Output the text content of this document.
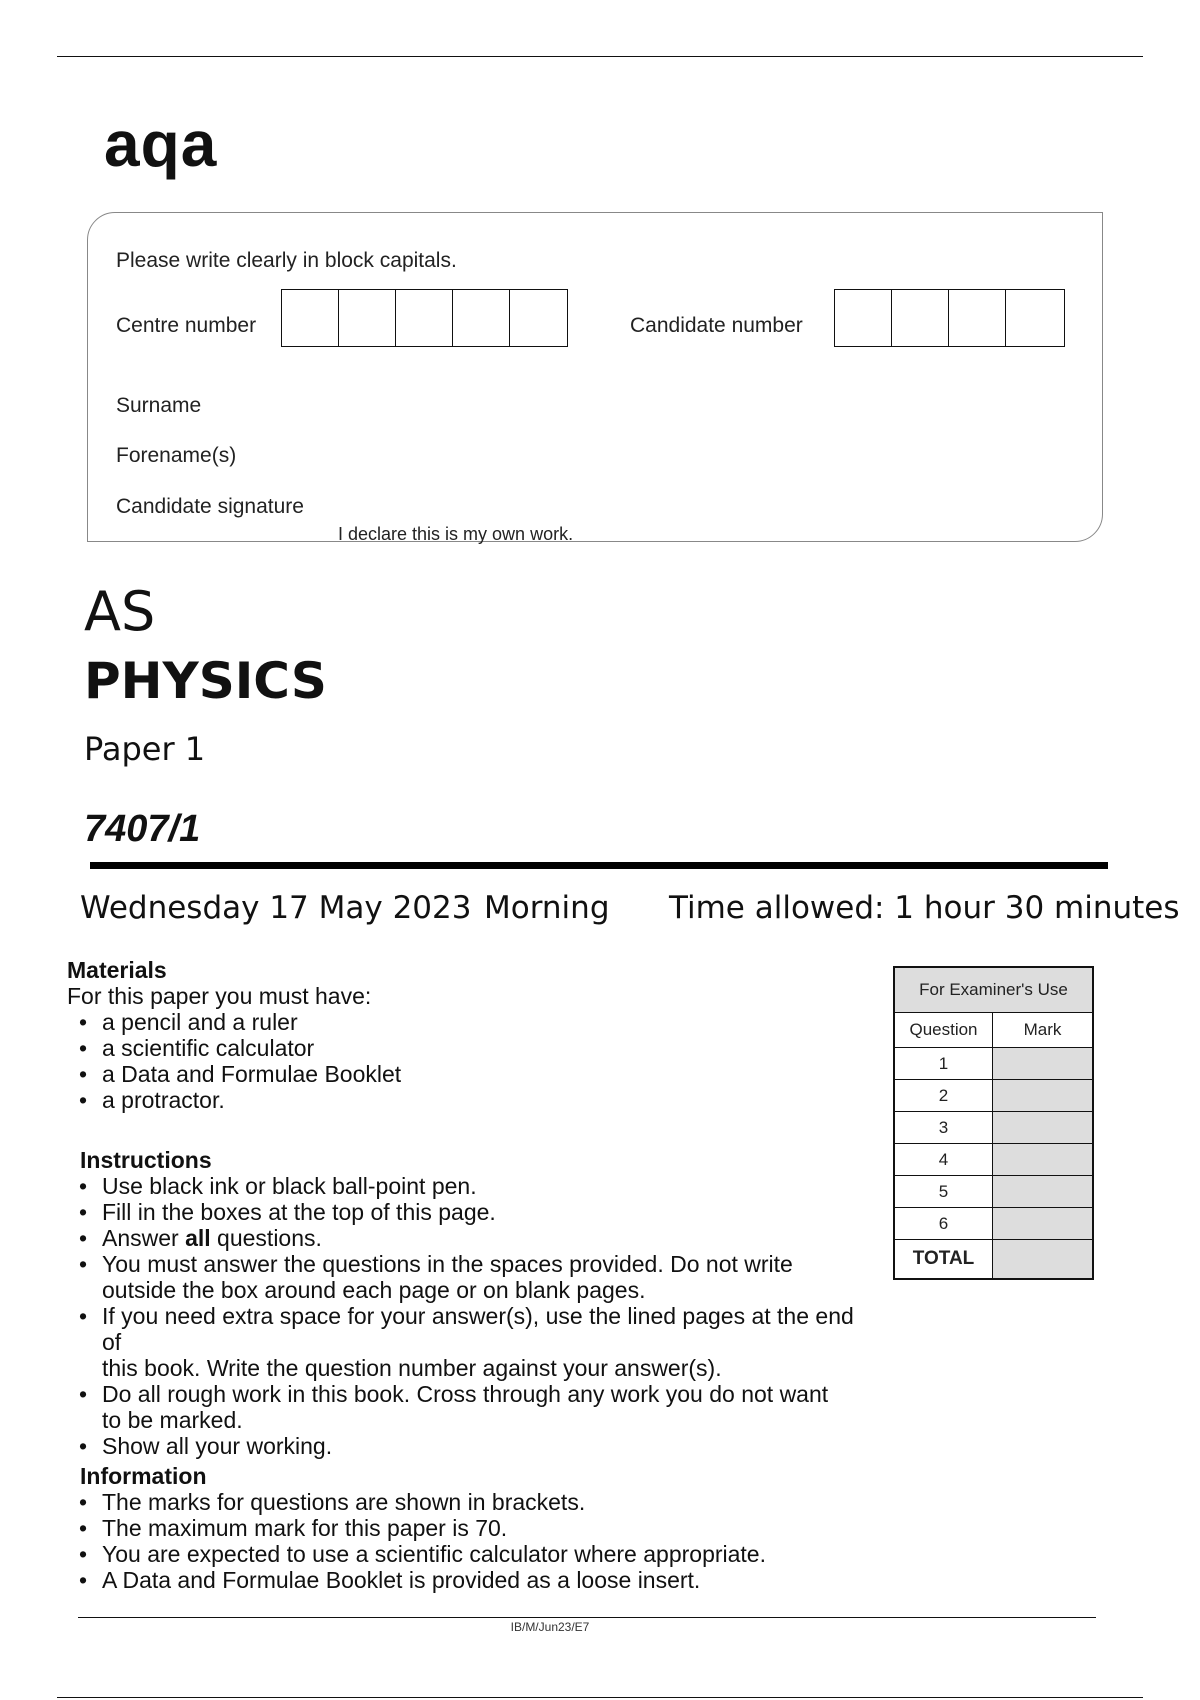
aqa
Please write clearly in block capitals.
Centre number	Candidate number
Surname
Forename(s)
Candidate signature
I declare this is my own work.
AS
PHYSICS
Paper 1
7407/1
Wednesday 17 May 2023 Morning Time allowed: 1 hour 30 minutes
Materials
For this paper you must have:
• a pencil and a ruler
• a scientific calculator
• a Data and Formulae Booklet
• a protractor.
Instructions
• Use black ink or black ball-point pen.
• Fill in the boxes at the top of this page.
• Answer all questions.
• You must answer the questions in the spaces provided. Do not write
outside the box around each page or on blank pages.
• If you need extra space for your answer(s), use the lined pages at the end of
this book. Write the question number against your answer(s).
• Do all rough work in this book. Cross through any work you do not want
to be marked.
• Show all your working.
Information
• The marks for questions are shown in brackets.
• The maximum mark for this paper is 70.
• You are expected to use a scientific calculator where appropriate.
• A Data and Formulae Booklet is provided as a loose insert.
For Examiner's Use	
Question	Mark
1	
2	
3	
4	
5	
6	
TOTAL	
IB/M/Jun23/E7
